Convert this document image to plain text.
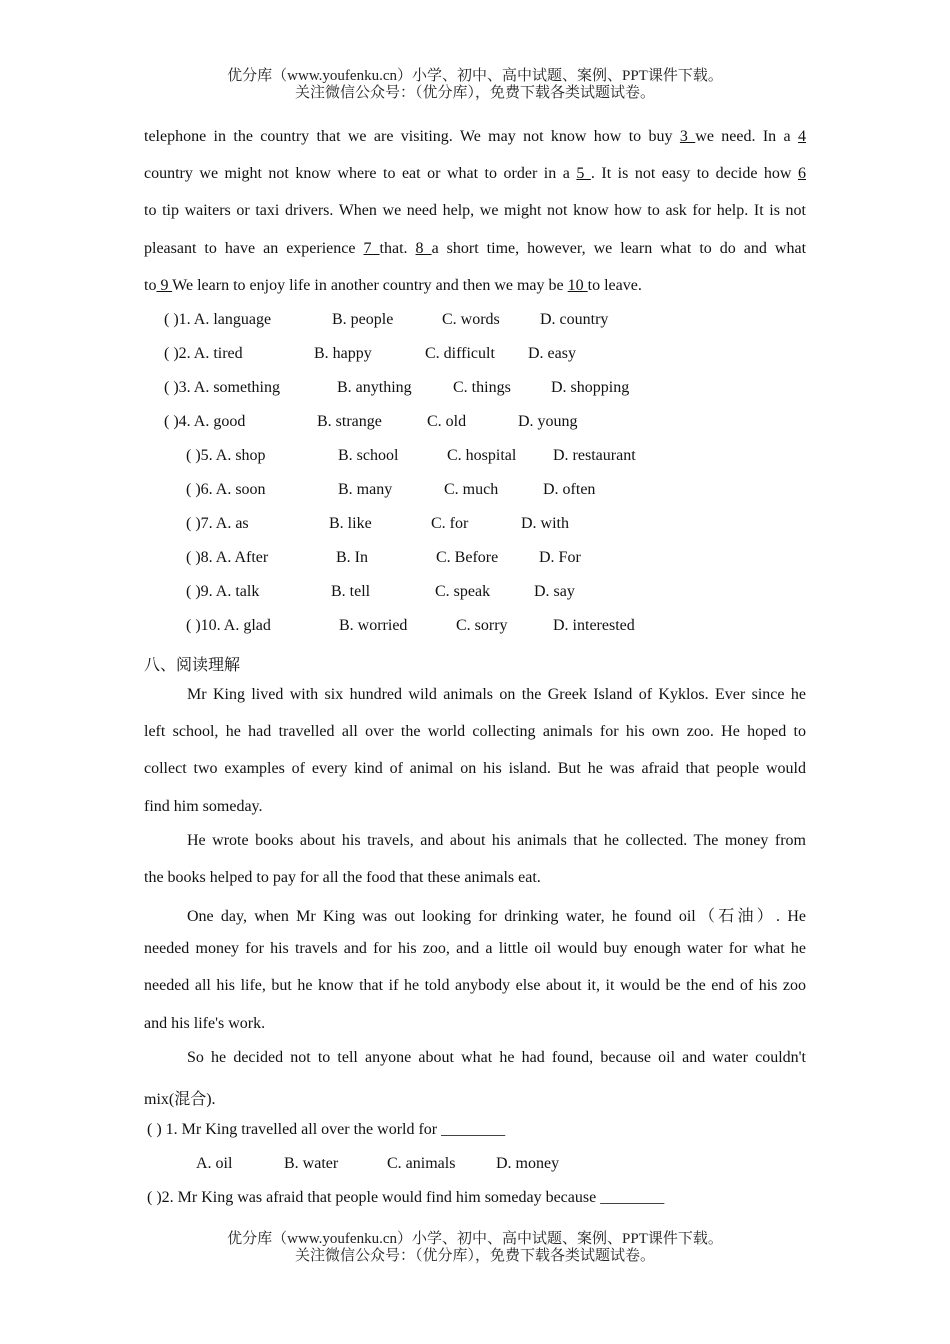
优分库（www.youfenku.cn）小学、初中、高中试题、案例、PPT课件下载。
关注微信公众号：（优分库），免费下载各类试题试卷。
telephone in the country that we are visiting. We may not know how to buy 3 we need. In a 4
country we might not know where to eat or what to order in a 5 . It is not easy to decide how 6
to tip waiters or taxi drivers. When we need help, we might not know how to ask for help. It is not
pleasant to have an experience 7 that. 8 a short time, however, we learn what to do and what
to 9 We learn to enjoy life in another country and then we may be 10 to leave.
( )1. A. language	B. people	C. words	D. country
( )2. A. tired	B. happy	C. difficult D. easy
( )3. A. something	B. anything	C. things	D. shopping
( )4. A. good	B. strange	C. old	D. young
( )5. A. shop	B. school	C. hospital D. restaurant
( )6. A. soon	B. many	C. much	D. often
( )7. A. as	B. like	C. for	D. with
( )8. A. After	B. In	C. Before	D. For
( )9. A. talk	B. tell	C. speak	D. say
( )10. A. glad	B. worried	C. sorry	D. interested
八、阅读理解
Mr King lived with six hundred wild animals on the Greek Island of Kyklos. Ever since he
left school, he had travelled all over the world collecting animals for his own zoo. He hoped to
collect two examples of every kind of animal on his island. But he was afraid that people would
find him someday.
He wrote books about his travels, and about his animals that he collected. The money from
the books helped to pay for all the food that these animals eat.
One day, when Mr King was out looking for drinking water, he found oil（石油）. He
needed money for his travels and for his zoo, and a little oil would buy enough water for what he
needed all his life, but he know that if he told anybody else about it, it would be the end of his zoo
and his life's work.
So he decided not to tell anyone about what he had found, because oil and water couldn't
mix(混合).
( ) 1. Mr King travelled all over the world for ________
A. oil	B. water	C. animals	D. money
( )2. Mr King was afraid that people would find him someday because ________
优分库（www.youfenku.cn）小学、初中、高中试题、案例、PPT课件下载。
关注微信公众号：（优分库），免费下载各类试题试卷。
